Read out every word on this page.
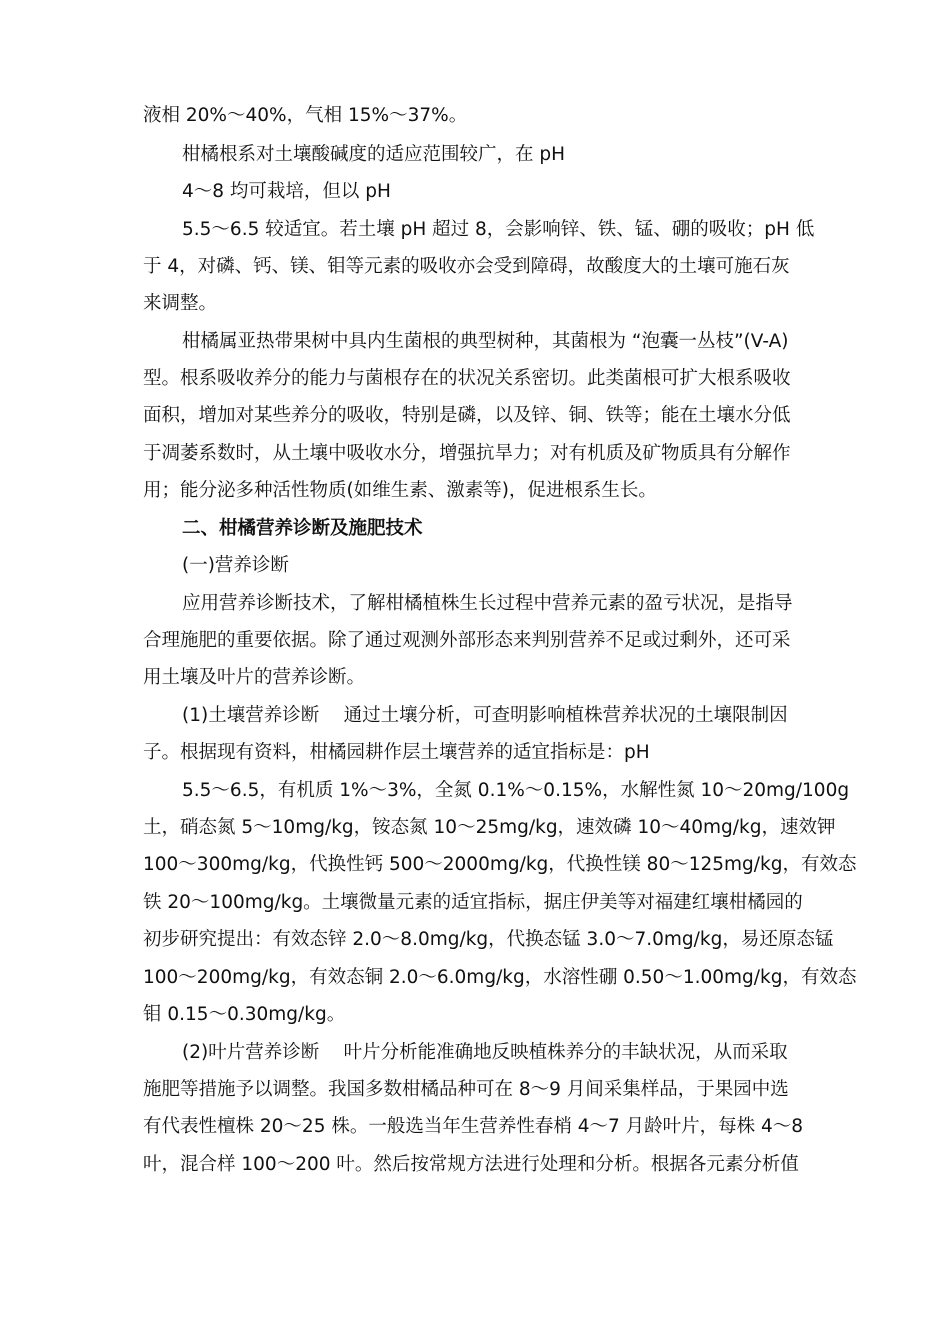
液相 20%～40%，气相 15%～37%。
柑橘根系对土壤酸碱度的适应范围较广，在 pH
4～8 均可栽培，但以 pH
5.5～6.5 较适宜。若土壤 pH 超过 8，会影响锌、铁、锰、硼的吸收；pH 低
于 4，对磷、钙、镁、钼等元素的吸收亦会受到障碍，故酸度大的土壤可施石灰
来调整。
柑橘属亚热带果树中具内生菌根的典型树种，其菌根为 “泡囊一丛枝”(V-A)
型。根系吸收养分的能力与菌根存在的状况关系密切。此类菌根可扩大根系吸收
面积，增加对某些养分的吸收，特别是磷，以及锌、铜、铁等；能在土壤水分低
于凋萎系数时，从土壤中吸收水分，增强抗旱力；对有机质及矿物质具有分解作
用；能分泌多种活性物质(如维生素、激素等)，促进根系生长。
二、柑橘营养诊断及施肥技术
(一)营养诊断
应用营养诊断技术，了解柑橘植株生长过程中营养元素的盈亏状况，是指导
合理施肥的重要依据。除了通过观测外部形态来判别营养不足或过剩外，还可采
用土壤及叶片的营养诊断。
(1)土壤营养诊断　 通过土壤分析，可查明影响植株营养状况的土壤限制因
子。根据现有资料，柑橘园耕作层土壤营养的适宜指标是：pH
5.5～6.5，有机质 1%～3%，全氮 0.1%～0.15%，水解性氮 10～20mg/100g
土，硝态氮 5～10mg/kg，铵态氮 10～25mg/kg，速效磷 10～40mg/kg，速效钾
100～300mg/kg，代换性钙 500～2000mg/kg，代换性镁 80～125mg/kg，有效态
铁 20～100mg/kg。土壤微量元素的适宜指标，据庄伊美等对福建红壤柑橘园的
初步研究提出：有效态锌 2.0～8.0mg/kg，代换态锰 3.0～7.0mg/kg，易还原态锰
100～200mg/kg，有效态铜 2.0～6.0mg/kg，水溶性硼 0.50～1.00mg/kg，有效态
钼 0.15～0.30mg/kg。
(2)叶片营养诊断　 叶片分析能准确地反映植株养分的丰缺状况，从而采取
施肥等措施予以调整。我国多数柑橘品种可在 8～9 月间采集样品，于果园中选
有代表性檀株 20～25 株。一般选当年生营养性春梢 4～7 月龄叶片，每株 4～8
叶，混合样 100～200 叶。然后按常规方法进行处理和分析。根据各元素分析值
